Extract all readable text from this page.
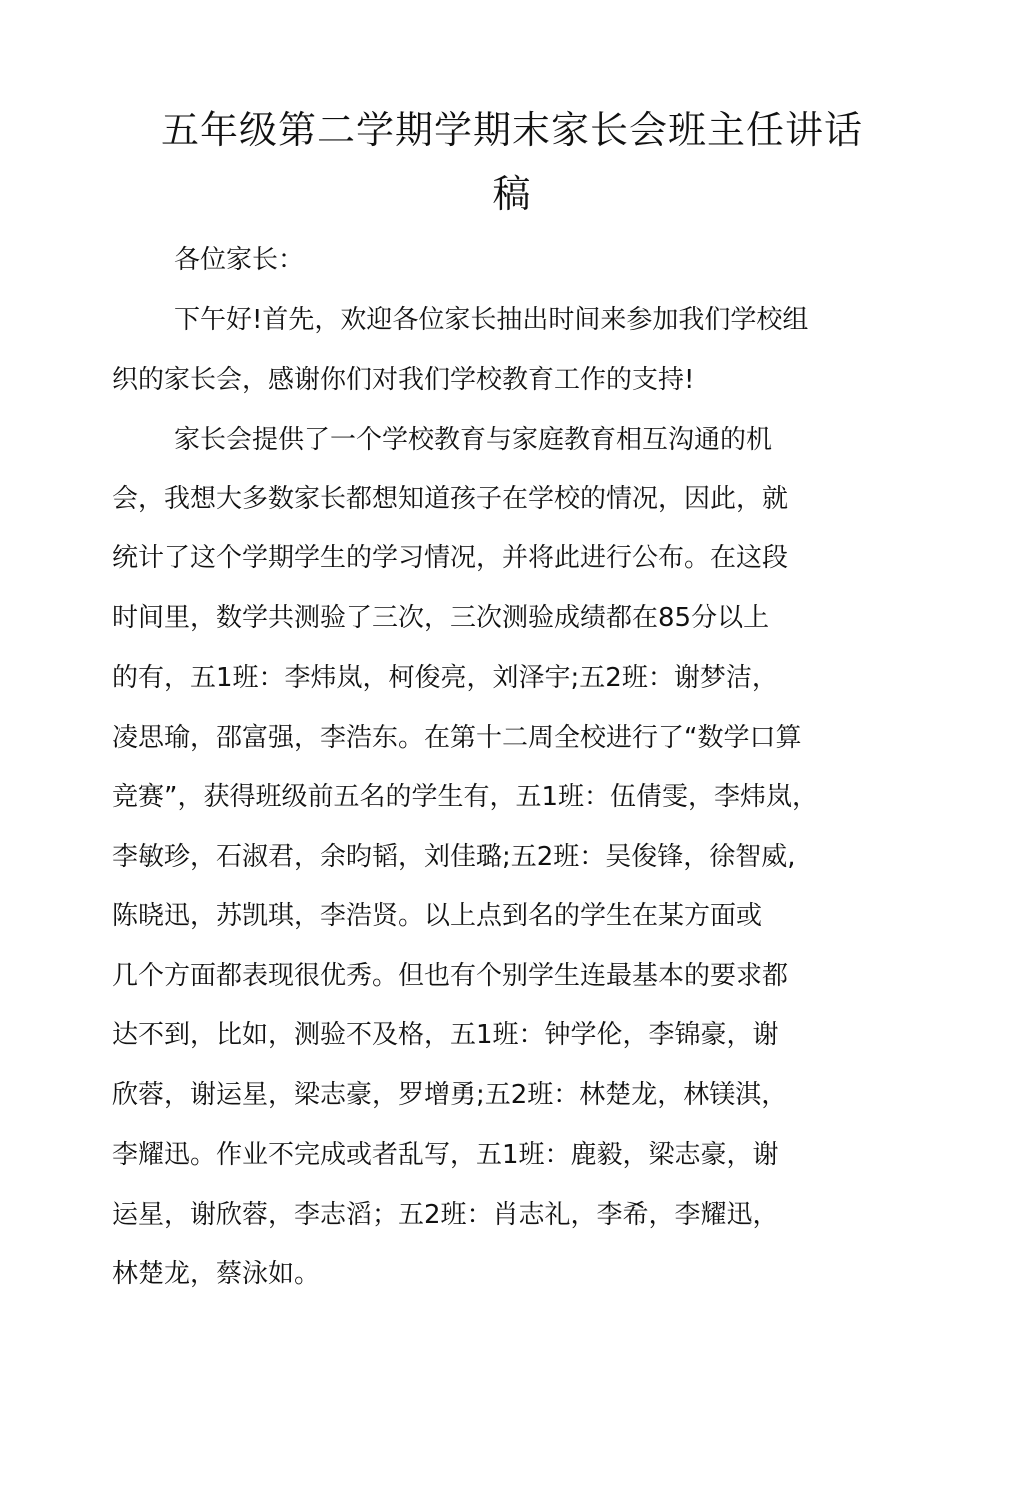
五年级第二学期学期末家长会班主任讲话
稿

各位家长：

下午好!首先，欢迎各位家长抽出时间来参加我们学校组

织的家长会，感谢你们对我们学校教育工作的支持!

家长会提供了一个学校教育与家庭教育相互沟通的机

会，我想大多数家长都想知道孩子在学校的情况，因此，就

统计了这个学期学生的学习情况，并将此进行公布。在这段

时间里，数学共测验了三次，三次测验成绩都在85分以上

的有，五1班：李炜岚，柯俊亮，刘泽宇;五2班：谢梦洁，

凌思瑜，邵富强，李浩东。在第十二周全校进行了“数学口算

竞赛”，获得班级前五名的学生有，五1班：伍倩雯，李炜岚，

李敏珍，石淑君，余昀韬，刘佳璐;五2班：吴俊锋，徐智威,

陈晓迅，苏凯琪，李浩贤。以上点到名的学生在某方面或

几个方面都表现很优秀。但也有个别学生连最基本的要求都

达不到，比如，测验不及格，五1班：钟学伦，李锦豪，谢

欣蓉，谢运星，梁志豪，罗增勇;五2班：林楚龙，林镁淇，

李耀迅。作业不完成或者乱写，五1班：鹿毅，梁志豪，谢

运星，谢欣蓉，李志滔；五2班：肖志礼，李希，李耀迅，

林楚龙，蔡泳如。
